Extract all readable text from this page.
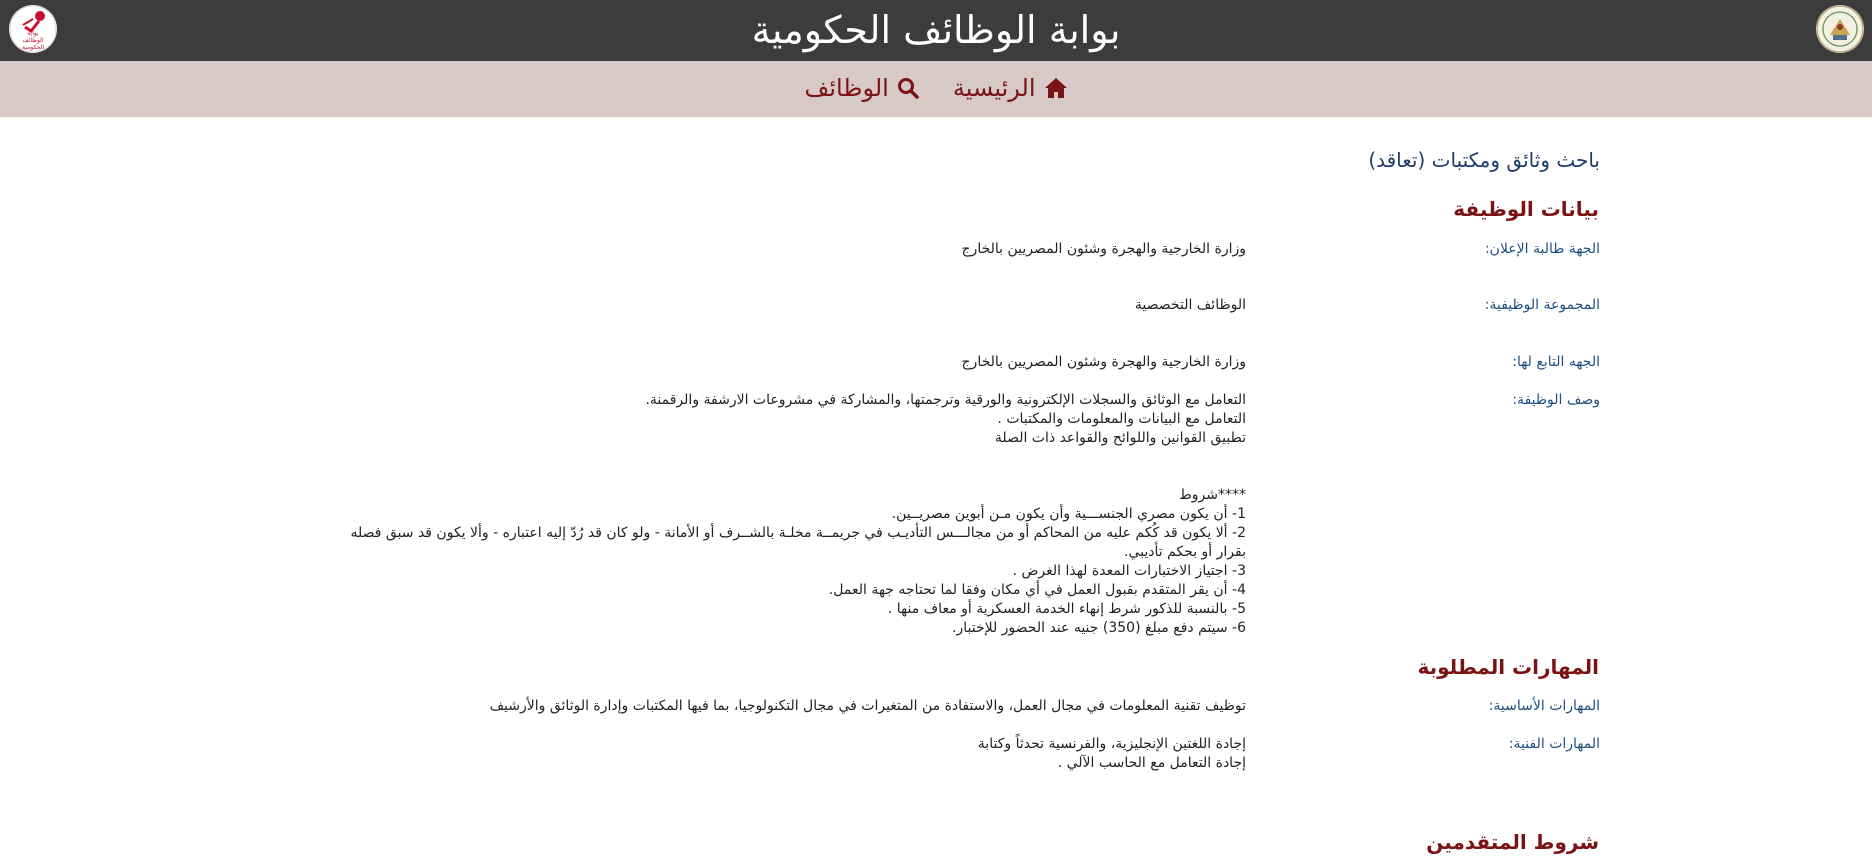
بوابة الوظائف الحكومية
بوابة
الوظائف
الحكومية
الرئيسية
الوظائف
باحث وثائق ومكتبات (تعاقد)
بيانات الوظيفة
الجهة طالبة الإعلان:
وزارة الخارجية والهجرة وشئون المصريين بالخارج
المجموعة الوظيفية:
الوظائف التخصصية
الجهه التابع لها:
وزارة الخارجية والهجرة وشئون المصريين بالخارج
وصف الوظيفة:
التعامل مع الوثائق والسجلات الإلكترونية والورقية وترجمتها، والمشاركة في مشروعات الارشفة والرقمنة.
التعامل مع البيانات والمعلومات والمكتبات .
تطبيق القوانين واللوائح والقواعد ذات الصلة
****شروط
1- أن يكون مصري الجنســـية وأن يكون مـن أبوين مصريــين.
2- ألا يكون قد كُكم عليه من المحاكم أو من مجالـــس التأديـب في جريمــة مخلـة بالشــرف أو الأمانة - ولو كان قد رُدّ إليه اعتباره - وألا يكون قد سبق فصله بقرار أو بحكم تأديبي.
3- اجتياز الاختبارات المعدة لهذا الغرض .
4- أن يقر المتقدم بقبول العمل في أي مكان وفقا لما تحتاجه جهة العمل.
5- بالنسبة للذكور شرط إنهاء الخدمة العسكرية أو معاف منها .
6- سيتم دفع مبلغ (350) جنيه عند الحضور للإختبار.
المهارات المطلوبة
المهارات الأساسية:
توظيف تقنية المعلومات في مجال العمل، والاستفادة من المتغيرات في مجال التكنولوجيا، بما فيها المكتبات وإدارة الوثائق والأرشيف
المهارات الفنية:
إجادة اللغتين الإنجليزية، والفرنسية تحدثاً وكتابة
إجادة التعامل مع الحاسب الآلي .
شروط المتقدمين
